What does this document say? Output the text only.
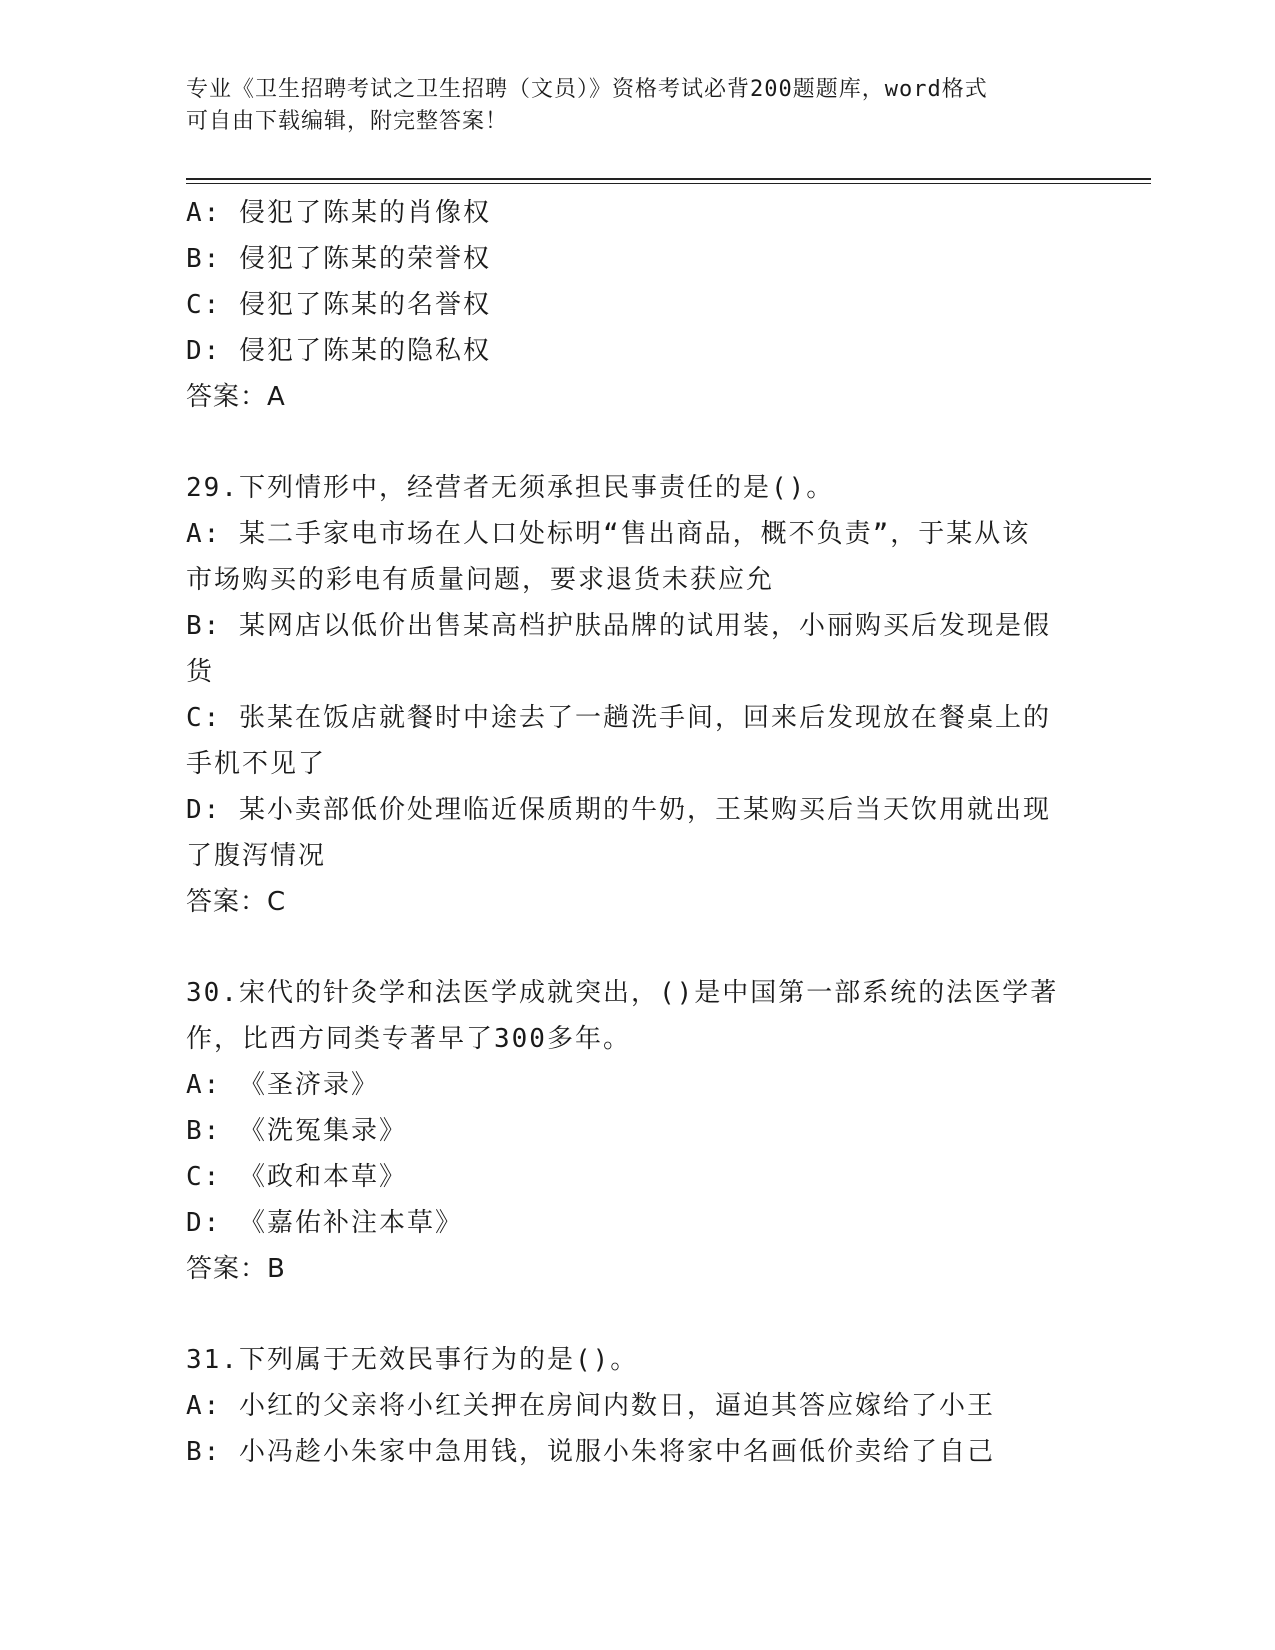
专业《卫生招聘考试之卫生招聘（文员）》资格考试必背200题题库，word格式
可自由下载编辑，附完整答案！
A: 侵犯了陈某的肖像权
B: 侵犯了陈某的荣誉权
C: 侵犯了陈某的名誉权
D: 侵犯了陈某的隐私权
答案：A
29.下列情形中，经营者无须承担民事责任的是()。
A: 某二手家电市场在人口处标明“售出商品，概不负责”，于某从该
市场购买的彩电有质量问题，要求退货未获应允
B: 某网店以低价出售某高档护肤品牌的试用装，小丽购买后发现是假
货
C: 张某在饭店就餐时中途去了一趟洗手间，回来后发现放在餐桌上的
手机不见了
D: 某小卖部低价处理临近保质期的牛奶，王某购买后当天饮用就出现
了腹泻情况
答案：C
30.宋代的针灸学和法医学成就突出，()是中国第一部系统的法医学著
作，比西方同类专著早了300多年。
A: 《圣济录》
B: 《洗冤集录》
C: 《政和本草》
D: 《嘉佑补注本草》
答案：B
31.下列属于无效民事行为的是()。
A: 小红的父亲将小红关押在房间内数日，逼迫其答应嫁给了小王
B: 小冯趁小朱家中急用钱，说服小朱将家中名画低价卖给了自己
